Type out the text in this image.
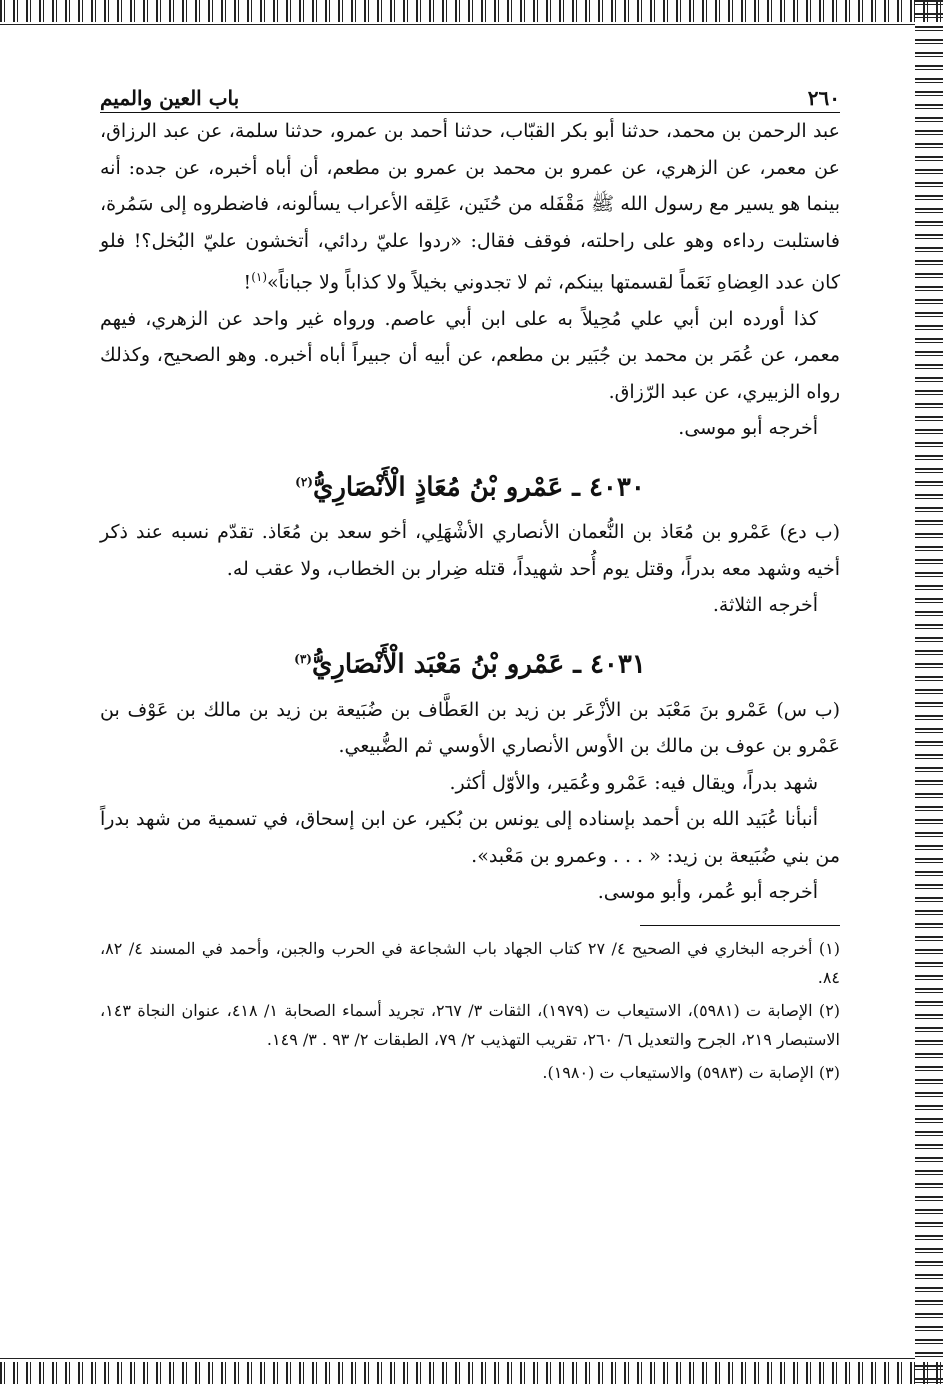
٢٦٠
باب العين والميم

عبد الرحمن بن محمد، حدثنا أبو بكر القبّاب، حدثنا أحمد بن عمرو، حدثنا سلمة، عن عبد الرزاق، عن معمر، عن الزهري، عن عمرو بن محمد بن عمرو بن مطعم، أن أباه أخبره، عن جده: أنه بينما هو يسير مع رسول الله ﷺ مَقْفَله من حُنَين، عَلِقه الأعراب يسألونه، فاضطروه إلى سَمُرة، فاستلبت رداءه وهو على راحلته، فوقف فقال: «ردوا عليّ ردائي، أتخشون عليّ البُخل؟! فلو كان عدد العِضاهِ نَعَماً لقسمتها بينكم، ثم لا تجدوني بخيلاً ولا كذاباً ولا جباناً»$^{(١)}$!

كذا أورده ابن أبي علي مُحِيلاً به على ابن أبي عاصم. ورواه غير واحد عن الزهري، فيهم معمر، عن عُمَر بن محمد بن جُبَير بن مطعم، عن أبيه أن جبيراً أباه أخبره. وهو الصحيح، وكذلك رواه الزبيري، عن عبد الرّزاق.

أخرجه أبو موسى.

٤٠٣٠ ـ عَمْرو بْنُ مُعَاذٍ الْأَنْصَارِيُّ$^{(٢)}$

(ب دع) عَمْرو بن مُعَاذ بن النُّعمان الأنصاري الأشْهَلِي، أخو سعد بن مُعَاذ. تقدّم نسبه عند ذكر أخيه وشهد معه بدراً، وقتل يوم أُحد شهيداً، قتله ضِرار بن الخطاب، ولا عقب له.

أخرجه الثلاثة.

٤٠٣١ ـ عَمْرو بْنُ مَعْبَد الْأَنْصَارِيُّ$^{(٣)}$

(ب س) عَمْرو بنَ مَعْبَد بن الأزْعَر بن زيد بن العَطَّاف بن ضُبَيعة بن زيد بن مالك بن عَوْف بن عَمْرو بن عوف بن مالك بن الأوس الأنصاري الأوسي ثم الضُّبيعي.

شهد بدراً، ويقال فيه: عَمْرو وعُمَير، والأوّل أكثر.

أنبأنا عُبَيد الله بن أحمد بإسناده إلى يونس بن بُكير، عن ابن إسحاق، في تسمية من شهد بدراً من بني ضُبَيعة بن زيد: « . . . وعمرو بن مَعْبد».

أخرجه أبو عُمر، وأبو موسى.

(١) أخرجه البخاري في الصحيح ٤/ ٢٧ كتاب الجهاد باب الشجاعة في الحرب والجبن، وأحمد في المسند ٤/ ٨٢، ٨٤.

(٢) الإصابة ت (٥٩٨١)، الاستيعاب ت (١٩٧٩)، الثقات ٣/ ٢٦٧، تجريد أسماء الصحابة ١/ ٤١٨، عنوان النجاة ١٤٣، الاستبصار ٢١٩، الجرح والتعديل ٦/ ٢٦٠، تقريب التهذيب ٢/ ٧٩، الطبقات ٢/ ٩٣ . ٣/ ١٤٩.

(٣) الإصابة ت (٥٩٨٣) والاستيعاب ت (١٩٨٠).
